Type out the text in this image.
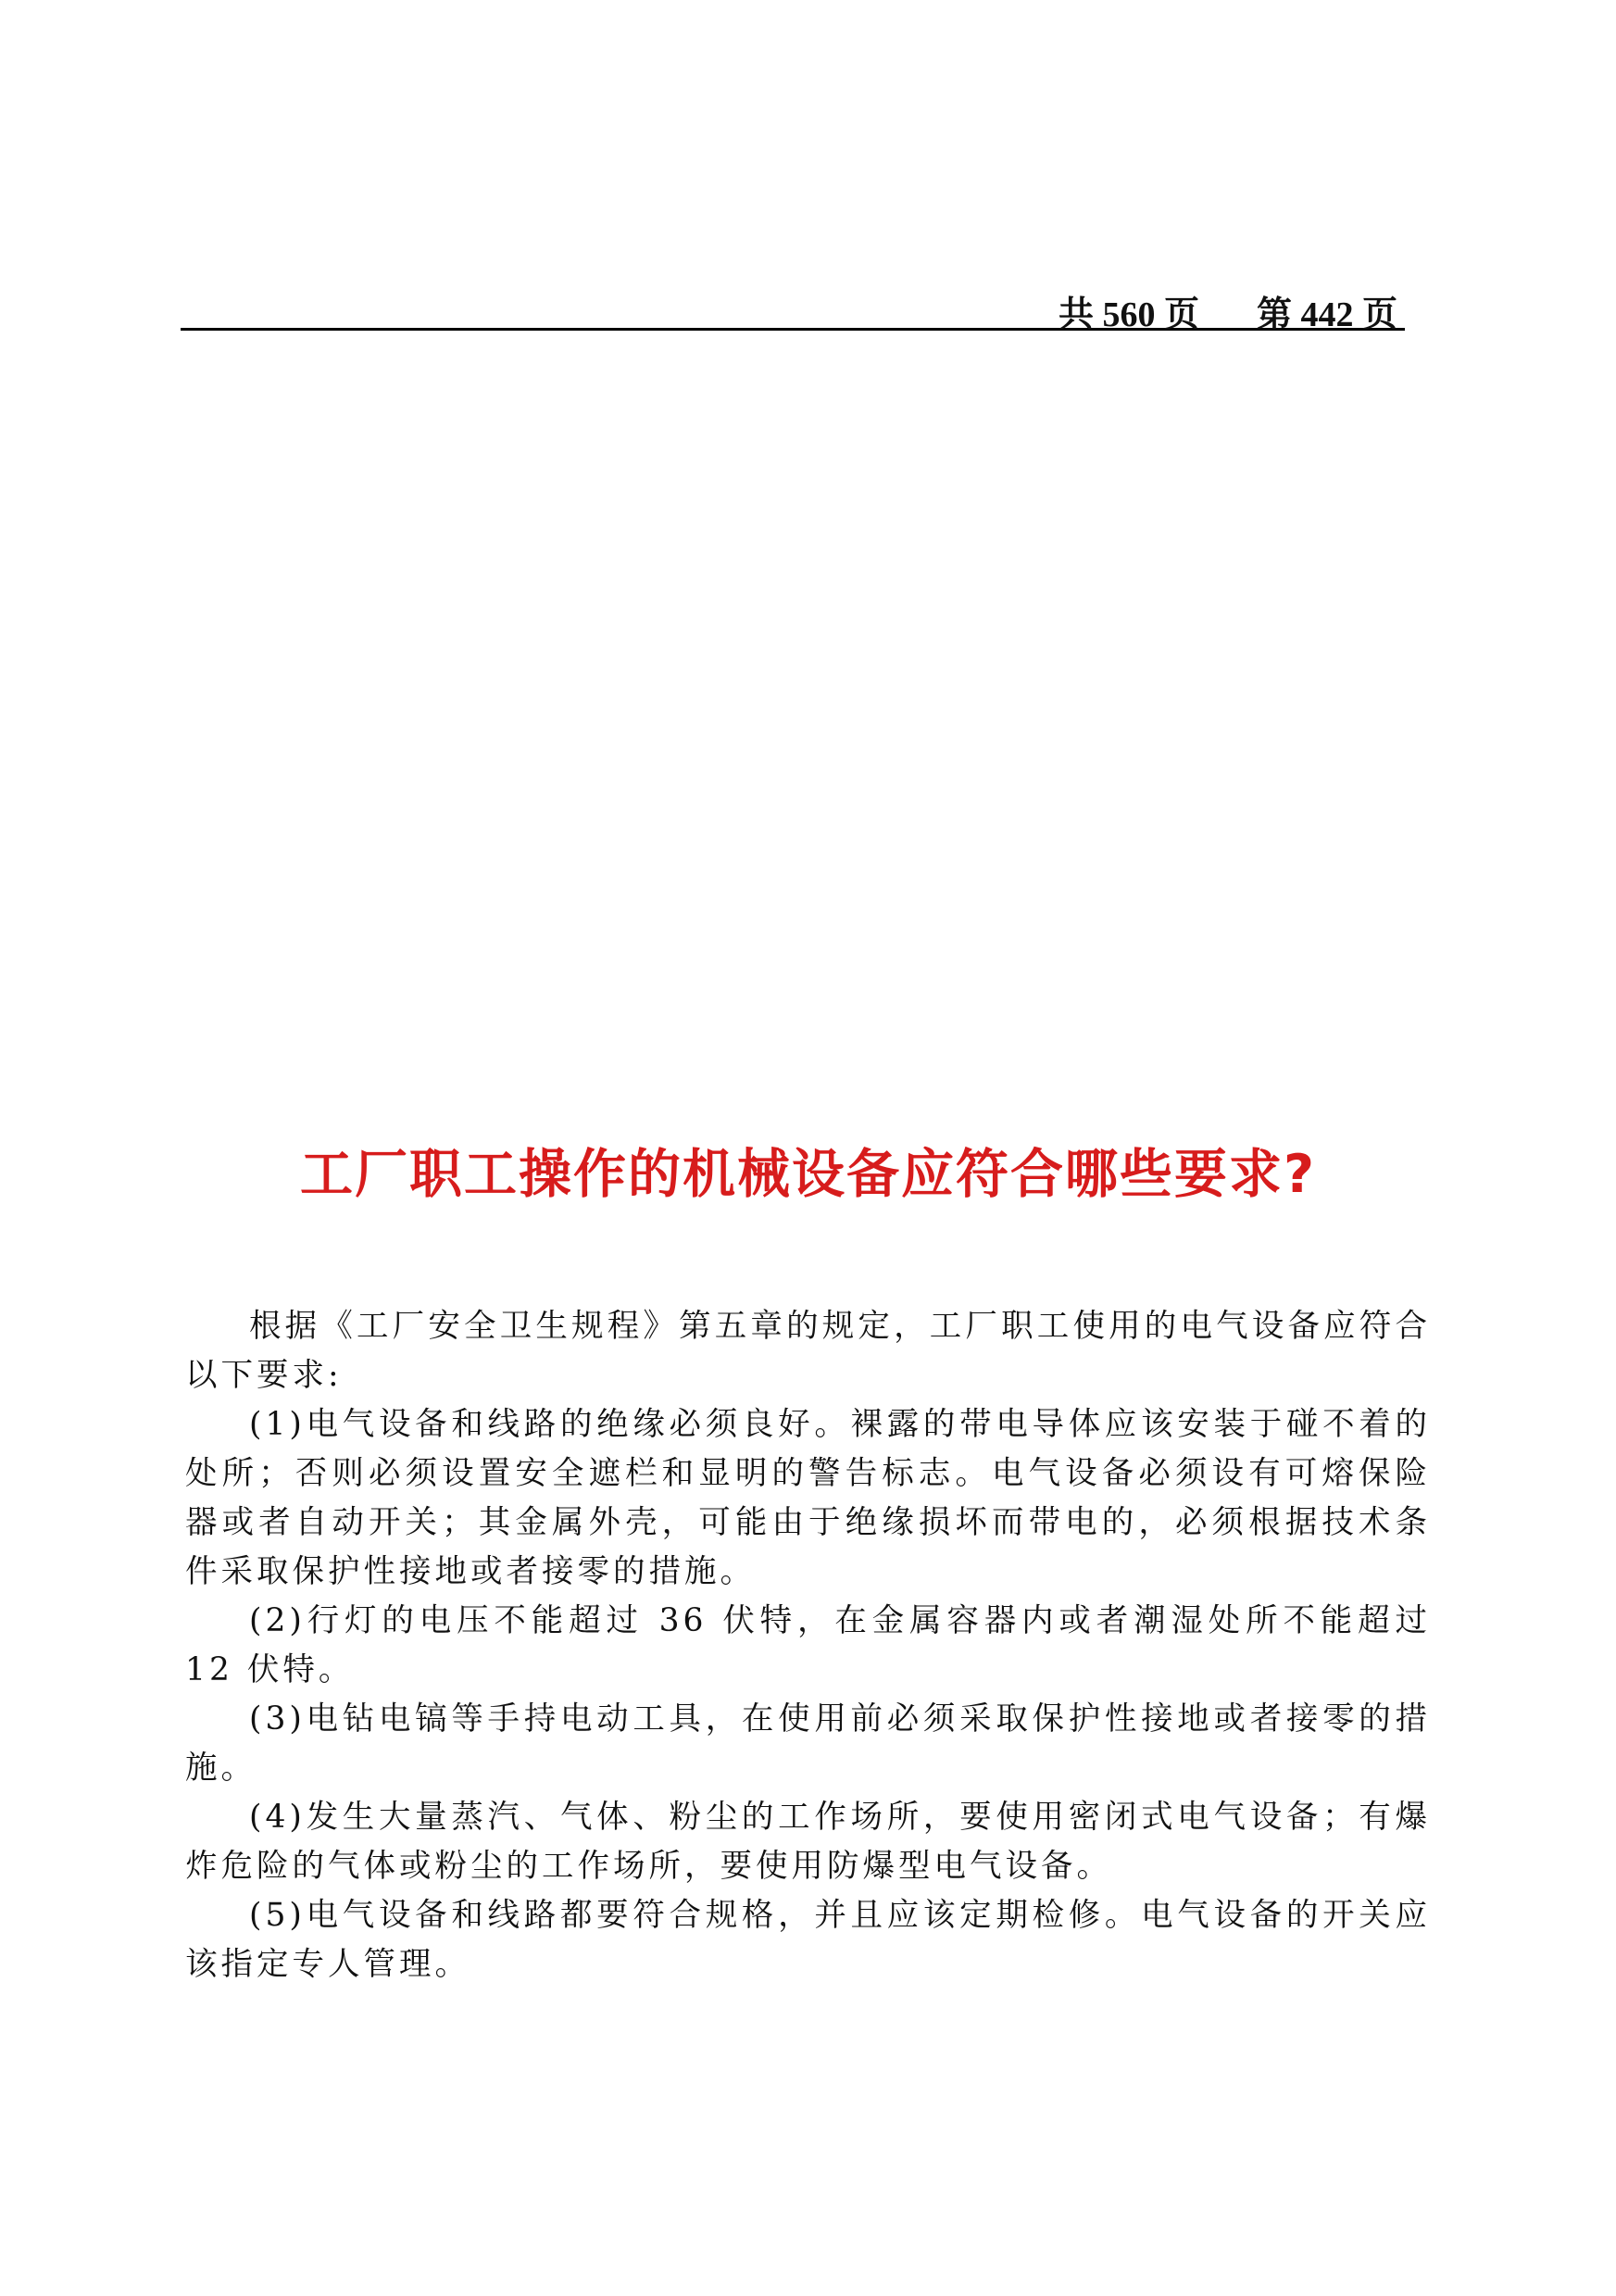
共 560 页 第 442 页
工厂职工操作的机械设备应符合哪些要求?

根据《工厂安全卫生规程》第五章的规定，工厂职工使用的电气设备应符合以下要求:

(1)电气设备和线路的绝缘必须良好。裸露的带电导体应该安装于碰不着的处所；否则必须设置安全遮栏和显明的警告标志。电气设备必须设有可熔保险器或者自动开关；其金属外壳，可能由于绝缘损坏而带电的，必须根据技术条件采取保护性接地或者接零的措施。

(2)行灯的电压不能超过 36 伏特，在金属容器内或者潮湿处所不能超过 12 伏特。

(3)电钻电镐等手持电动工具，在使用前必须采取保护性接地或者接零的措施。

(4)发生大量蒸汽、气体、粉尘的工作场所，要使用密闭式电气设备；有爆炸危险的气体或粉尘的工作场所，要使用防爆型电气设备。

(5)电气设备和线路都要符合规格，并且应该定期检修。电气设备的开关应该指定专人管理。
